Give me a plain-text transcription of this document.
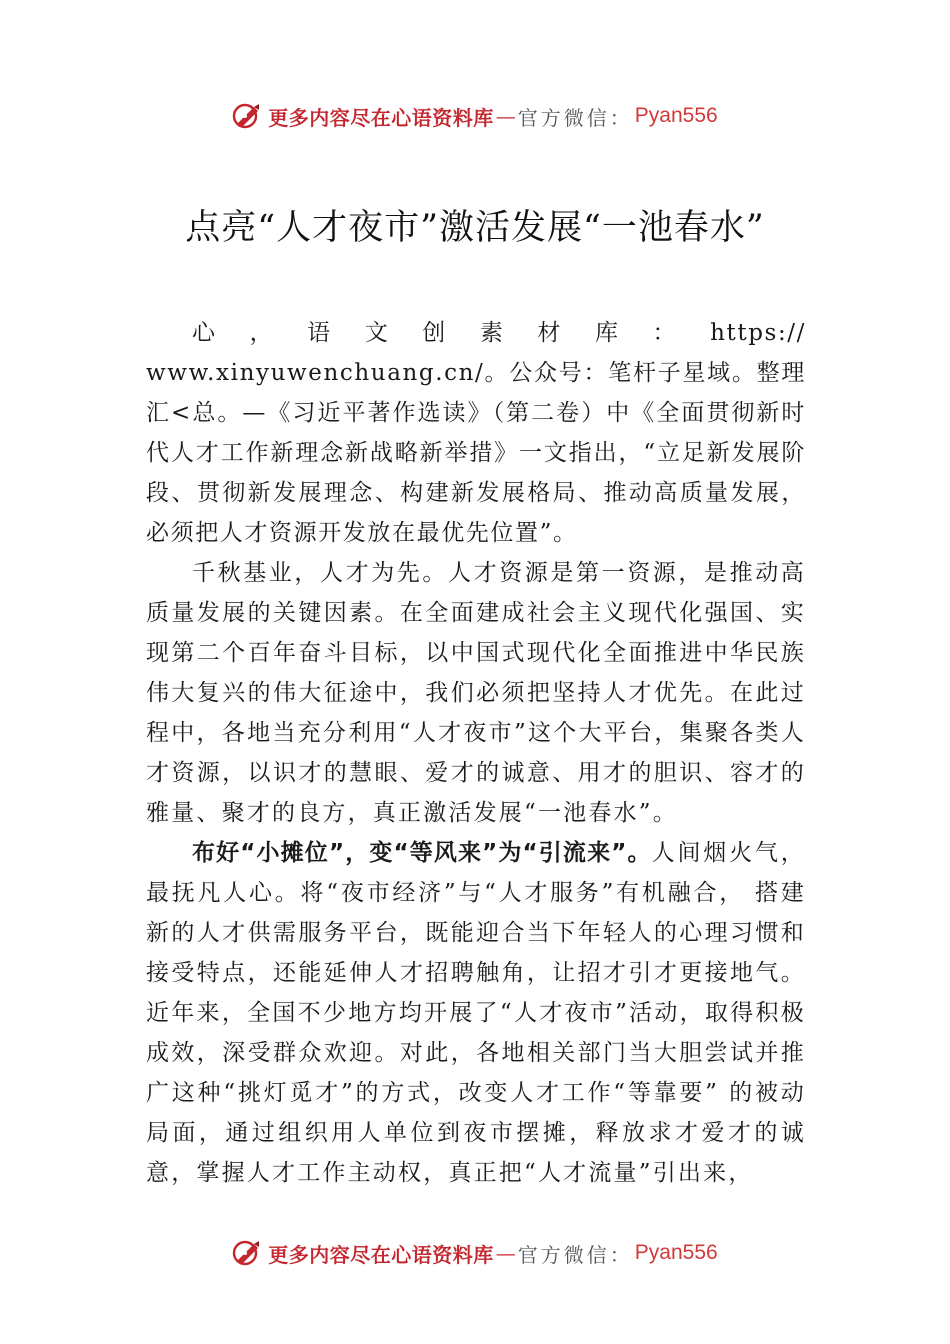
更多内容尽在心语资料库 — 官方微信： Pyan556
点亮“人才夜市”激活发展“一池春水”

心，语文创素材库：https://
www.xinyuwenchuang.cn/。公众号：笔杆子星域。整理汇<总。—《习近平著作选读》（第二卷）中《全面贯彻新时代人才工作新理念新战略新举措》一文指出，“立足新发展阶段、贯彻新发展理念、构建新发展格局、推动高质量发展，必须把人才资源开发放在最优先位置”。

千秋基业，人才为先。人才资源是第一资源，是推动高质量发展的关键因素。在全面建成社会主义现代化强国、实现第二个百年奋斗目标，以中国式现代化全面推进中华民族伟大复兴的伟大征途中，我们必须把坚持人才优先。在此过程中，各地当充分利用“人才夜市”这个大平台，集聚各类人才资源，以识才的慧眼、爱才的诚意、用才的胆识、容才的雅量、聚才的良方，真正激活发展“一池春水”。

布好“小摊位”，变“等风来”为“引流来”。人间烟火气，最抚凡人心。将“夜市经济”与“人才服务”有机融合， 搭建新的人才供需服务平台，既能迎合当下年轻人的心理习惯和接受特点，还能延伸人才招聘触角，让招才引才更接地气。近年来，全国不少地方均开展了“人才夜市”活动，取得积极成效，深受群众欢迎。对此，各地相关部门当大胆尝试并推广这种“挑灯觅才”的方式，改变人才工作“等靠要” 的被动局面，通过组织用人单位到夜市摆摊，释放求才爱才的诚意，掌握人才工作主动权，真正把“人才流量”引出来，

更多内容尽在心语资料库 — 官方微信： Pyan556
